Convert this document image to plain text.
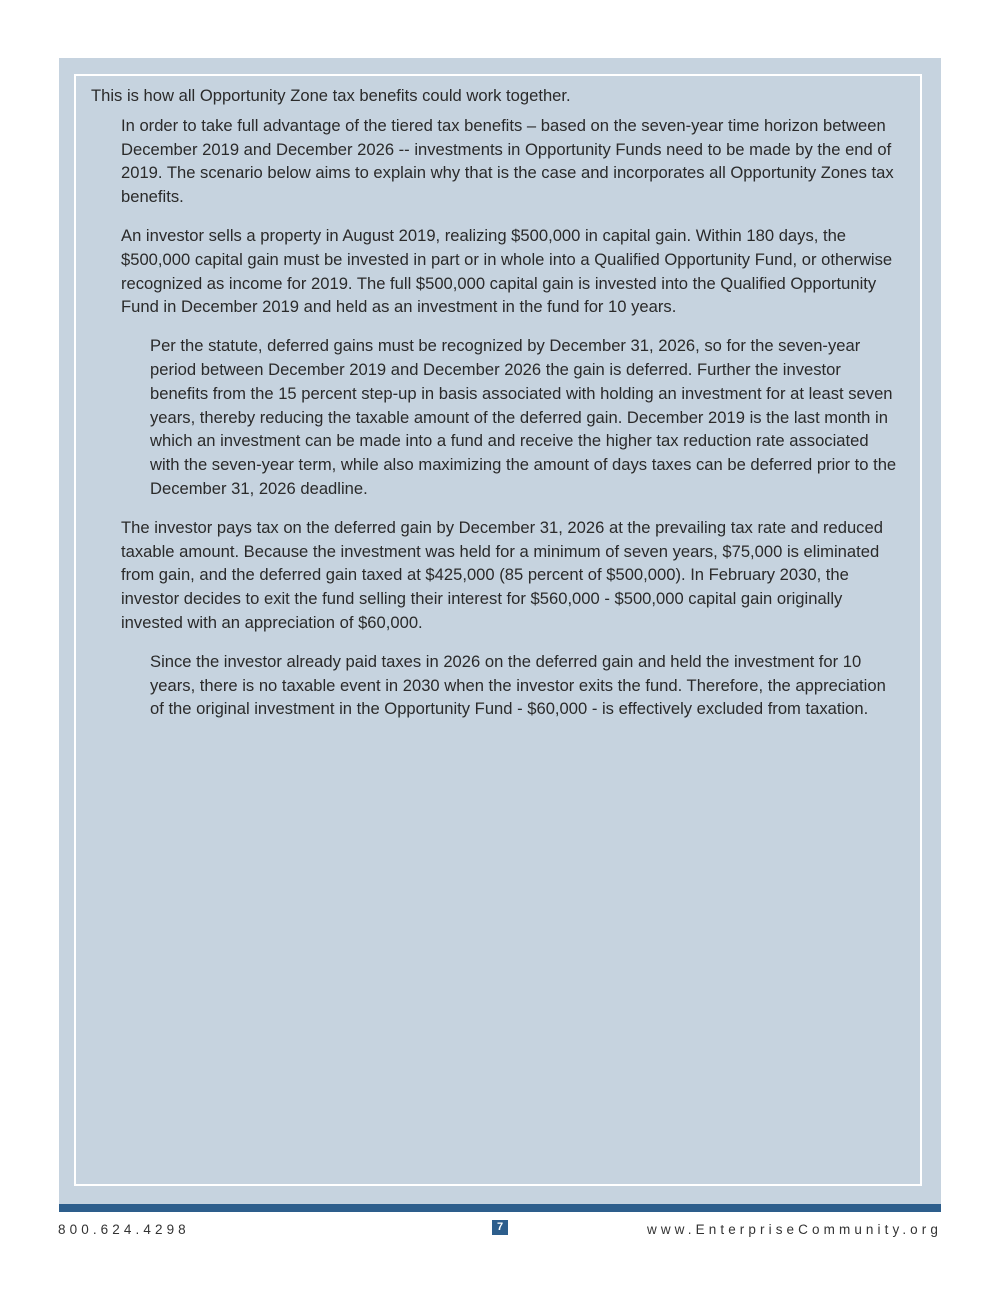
This is how all Opportunity Zone tax benefits could work together.

In order to take full advantage of the tiered tax benefits – based on the seven-year time horizon between December 2019 and December 2026 -- investments in Opportunity Funds need to be made by the end of 2019. The scenario below aims to explain why that is the case and incorporates all Opportunity Zones tax benefits.

An investor sells a property in August 2019, realizing $500,000 in capital gain. Within 180 days, the $500,000 capital gain must be invested in part or in whole into a Qualified Opportunity Fund, or otherwise recognized as income for 2019. The full $500,000 capital gain is invested into the Qualified Opportunity Fund in December 2019 and held as an investment in the fund for 10 years.

Per the statute, deferred gains must be recognized by December 31, 2026, so for the seven-year period between December 2019 and December 2026 the gain is deferred. Further the investor benefits from the 15 percent step-up in basis associated with holding an investment for at least seven years, thereby reducing the taxable amount of the deferred gain. December 2019 is the last month in which an investment can be made into a fund and receive the higher tax reduction rate associated with the seven-year term, while also maximizing the amount of days taxes can be deferred prior to the December 31, 2026 deadline.

The investor pays tax on the deferred gain by December 31, 2026 at the prevailing tax rate and reduced taxable amount. Because the investment was held for a minimum of seven years, $75,000 is eliminated from gain, and the deferred gain taxed at $425,000 (85 percent of $500,000). In February 2030, the investor decides to exit the fund selling their interest for $560,000 - $500,000 capital gain originally invested with an appreciation of $60,000.

Since the investor already paid taxes in 2026 on the deferred gain and held the investment for 10 years, there is no taxable event in 2030 when the investor exits the fund. Therefore, the appreciation of the original investment in the Opportunity Fund - $60,000 - is effectively excluded from taxation.

800.624.4298	7	www.EnterpriseCommunity.org
